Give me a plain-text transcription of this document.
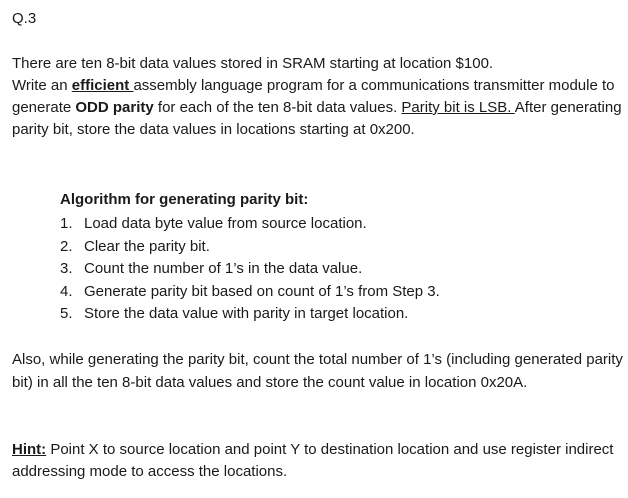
Q.3
There are ten 8-bit data values stored in SRAM starting at location $100.
Write an efficient assembly language program for a communications transmitter module to generate ODD parity for each of the ten 8-bit data values. Parity bit is LSB. After generating parity bit, store the data values in locations starting at 0x200.
Algorithm for generating parity bit:
1. Load data byte value from source location.
2. Clear the parity bit.
3. Count the number of 1’s in the data value.
4. Generate parity bit based on count of 1’s from Step 3.
5. Store the data value with parity in target location.
Also, while generating the parity bit, count the total number of 1’s (including generated parity bit) in all the ten 8-bit data values and store the count value in location 0x20A.
Hint: Point X to source location and point Y to destination location and use register indirect addressing mode to access the locations.
